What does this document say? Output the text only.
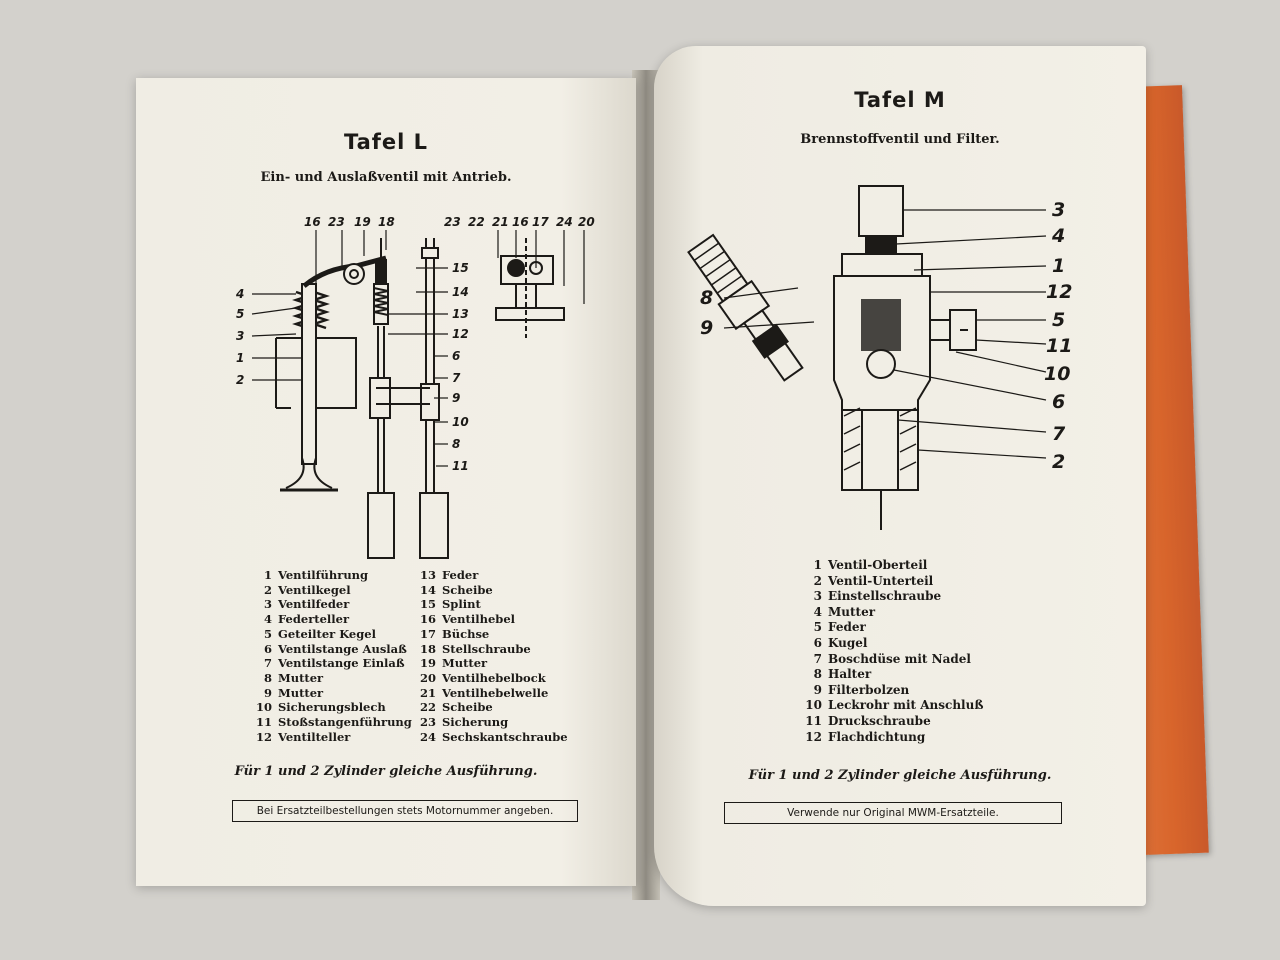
Tafel L
Ein- und Auslaßventil mit Antrieb.
16 23 19 18	23 22 21 16 17 24 20
4
5
3
1
2
15
14
13
12
6
7
9
10
8
11
1 Ventilführung
2 Ventilkegel
3 Ventilfeder
4 Federteller
5 Geteilter Kegel
6 Ventilstange Auslaß
7 Ventilstange Einlaß
8 Mutter
9 Mutter
10 Sicherungsblech
11 Stoßstangenführung
12 Ventilteller
13 Feder
14 Scheibe
15 Splint
16 Ventilhebel
17 Büchse
18 Stellschraube
19 Mutter
20 Ventilhebelbock
21 Ventilhebelwelle
22 Scheibe
23 Sicherung
24 Sechskantschraube
Für 1 und 2 Zylinder gleiche Ausführung.
Bei Ersatzteilbestellungen stets Motornummer angeben.
Tafel M
Brennstoffventil und Filter.
8
9
3
4
1
12
5
11
10
6
7
2
1 Ventil-Oberteil
2 Ventil-Unterteil
3 Einstellschraube
4 Mutter
5 Feder
6 Kugel
7 Boschdüse mit Nadel
8 Halter
9 Filterbolzen
10 Leckrohr mit Anschluß
11 Druckschraube
12 Flachdichtung
Für 1 und 2 Zylinder gleiche Ausführung.
Verwende nur Original MWM-Ersatzteile.
